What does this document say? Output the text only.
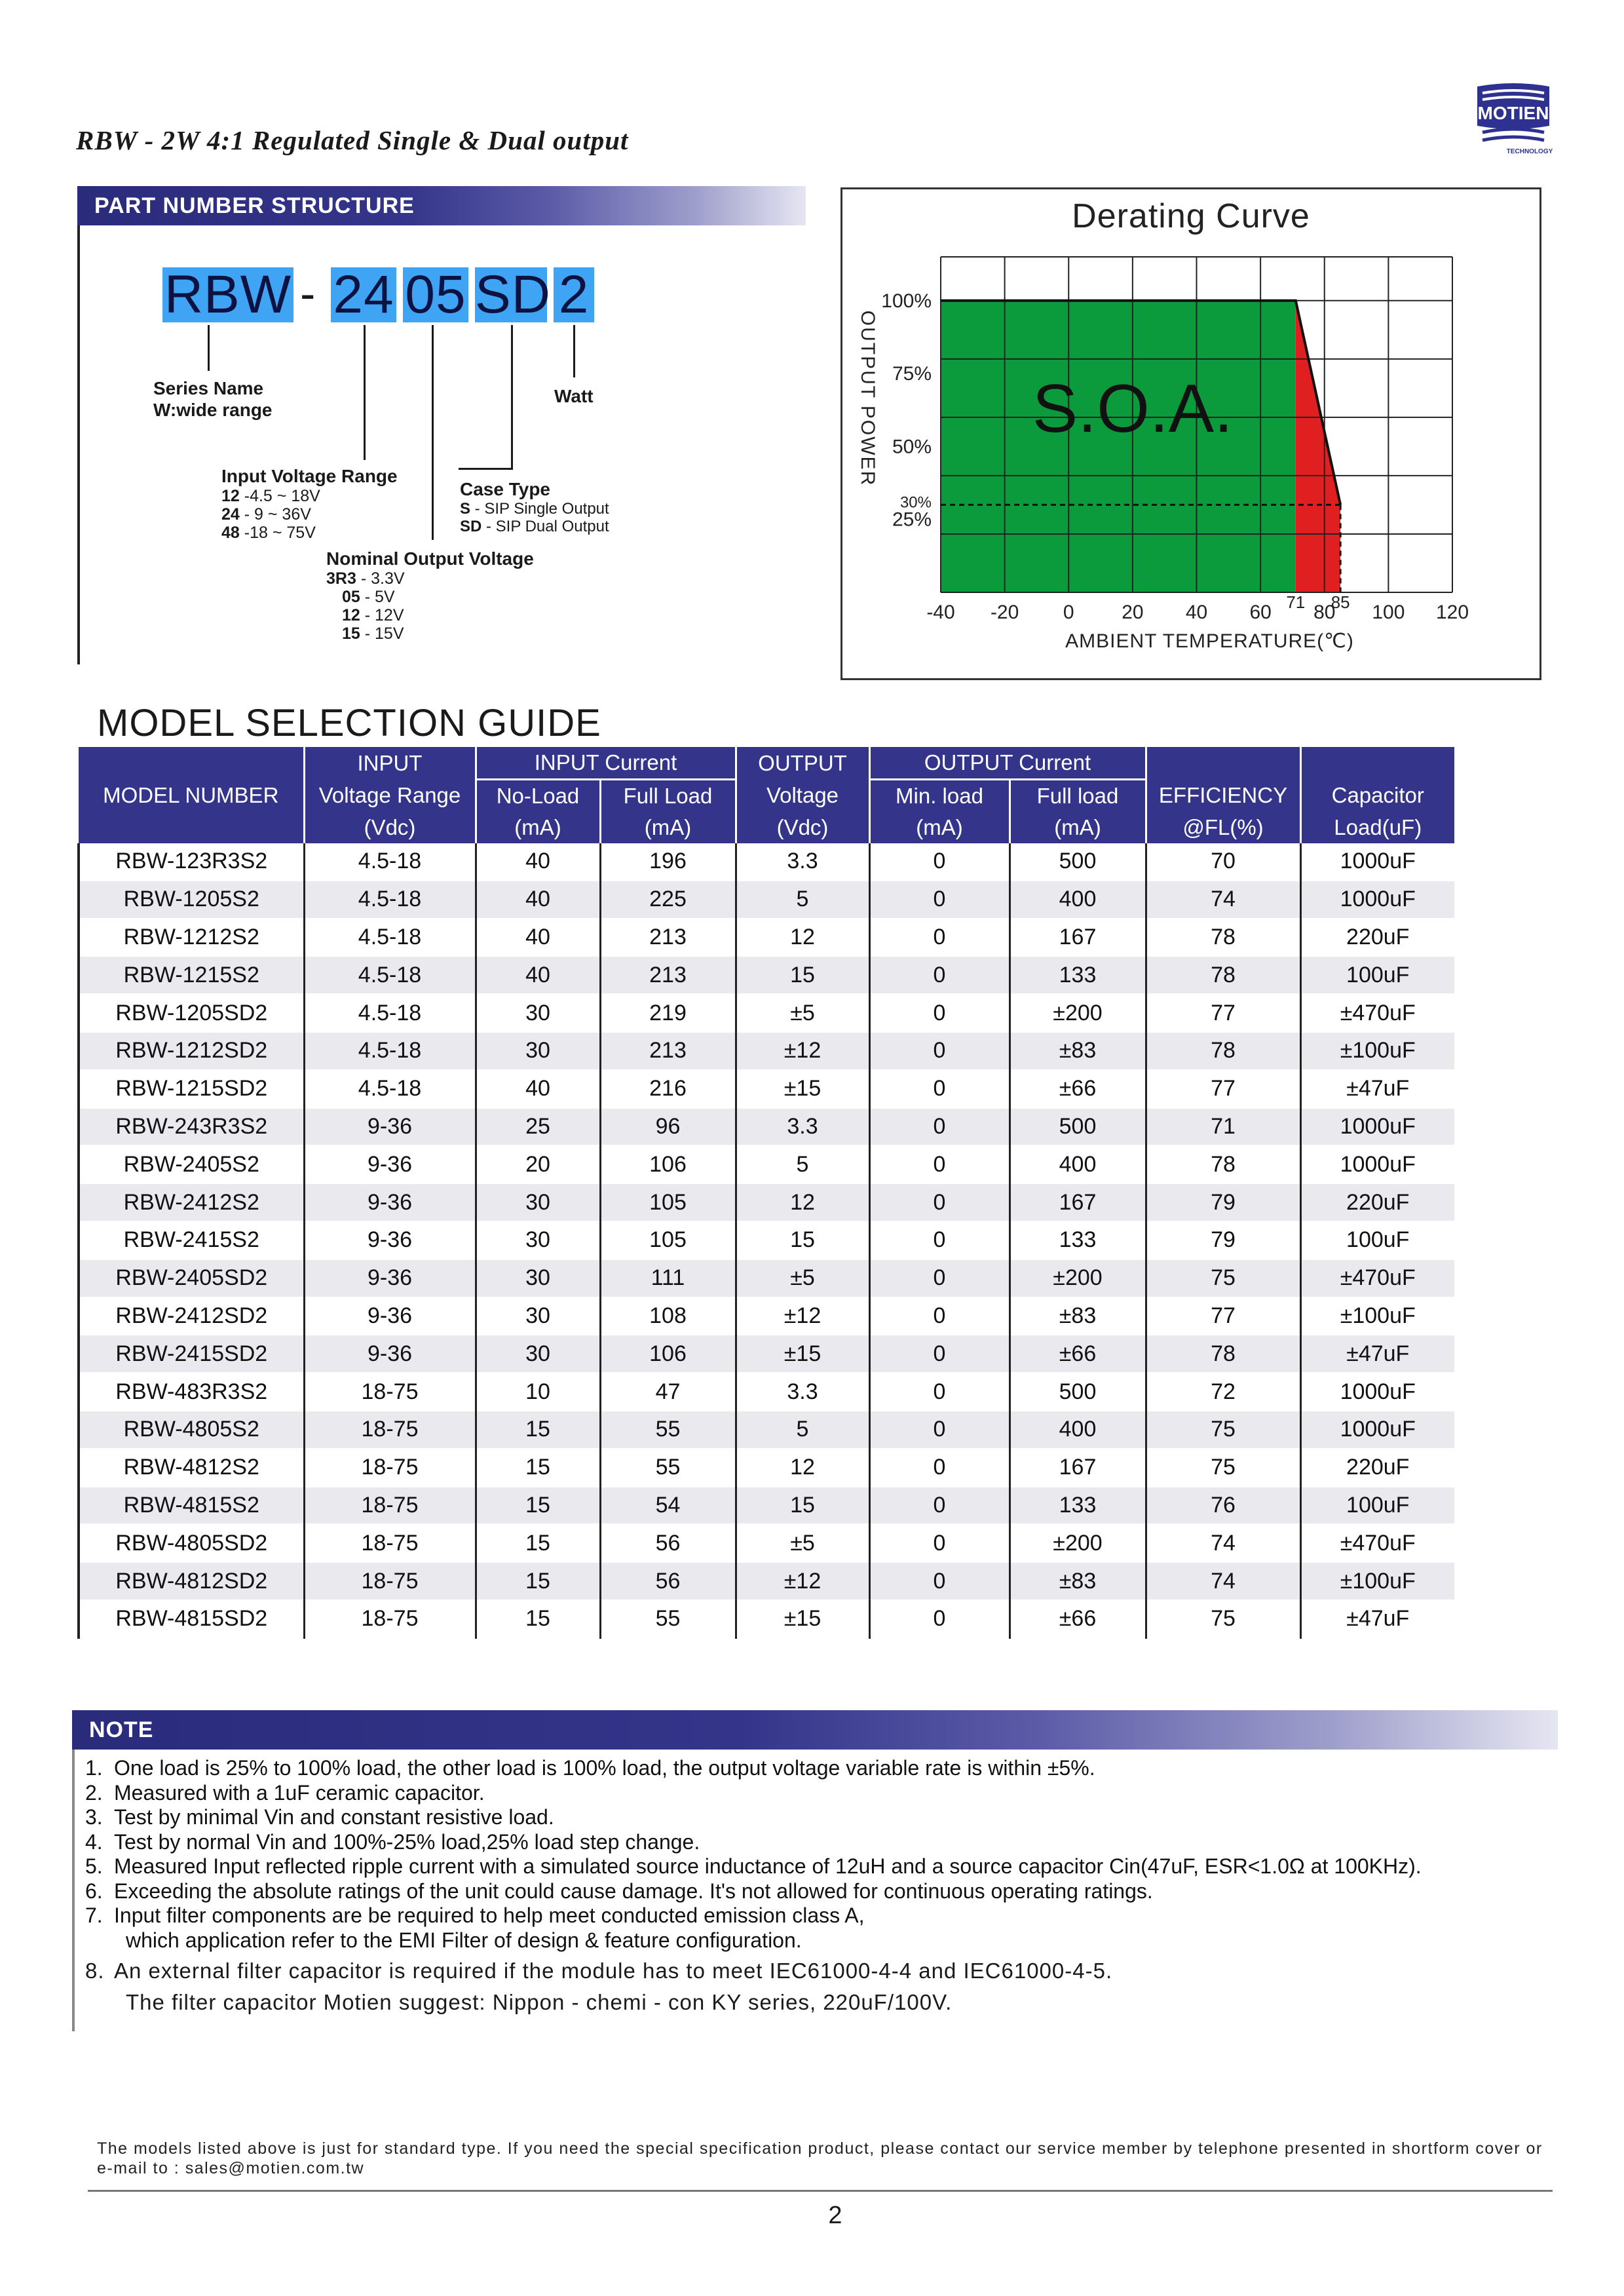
RBW - 2W 4:1 Regulated Single & Dual output
MOTIEN
TECHNOLOGY
PART NUMBER STRUCTURE
RBW - 24 05 SD 2
Series Name
W:wide range
Watt
Input Voltage Range
12 -4.5 ~ 18V
24 - 9 ~ 36V
48 -18 ~ 75V
Case Type
S - SIP Single Output
SD - SIP Dual Output
Nominal Output Voltage
3R3 - 3.3V
05 - 5V
12 - 12V
15 - 15V
Derating Curve
S.O.A.
-40 -20 0 20 40 60 80 100 120
71 85
100%
75%
50%
25%
30%
AMBIENT TEMPERATURE(℃)
OUTPUT POWER
MODEL SELECTION GUIDE
	INPUT	INPUT Current		OUTPUT	OUTPUT Current			
MODEL NUMBER	Voltage Range	No-Load	Full Load	Voltage	Min. load	Full load	EFFICIENCY	Capacitor
	(Vdc)	(mA)	(mA)	(Vdc)	(mA)	(mA)	@FL(%)	Load(uF)
RBW-123R3S2	4.5-18	40	196	3.3	0	500	70	1000uF
RBW-1205S2	4.5-18	40	225	5	0	400	74	1000uF
RBW-1212S2	4.5-18	40	213	12	0	167	78	220uF
RBW-1215S2	4.5-18	40	213	15	0	133	78	100uF
RBW-1205SD2	4.5-18	30	219	±5	0	±200	77	±470uF
RBW-1212SD2	4.5-18	30	213	±12	0	±83	78	±100uF
RBW-1215SD2	4.5-18	40	216	±15	0	±66	77	±47uF
RBW-243R3S2	9-36	25	96	3.3	0	500	71	1000uF
RBW-2405S2	9-36	20	106	5	0	400	78	1000uF
RBW-2412S2	9-36	30	105	12	0	167	79	220uF
RBW-2415S2	9-36	30	105	15	0	133	79	100uF
RBW-2405SD2	9-36	30	111	±5	0	±200	75	±470uF
RBW-2412SD2	9-36	30	108	±12	0	±83	77	±100uF
RBW-2415SD2	9-36	30	106	±15	0	±66	78	±47uF
RBW-483R3S2	18-75	10	47	3.3	0	500	72	1000uF
RBW-4805S2	18-75	15	55	5	0	400	75	1000uF
RBW-4812S2	18-75	15	55	12	0	167	75	220uF
RBW-4815S2	18-75	15	54	15	0	133	76	100uF
RBW-4805SD2	18-75	15	56	±5	0	±200	74	±470uF
RBW-4812SD2	18-75	15	56	±12	0	±83	74	±100uF
RBW-4815SD2	18-75	15	55	±15	0	±66	75	±47uF
NOTE
1. One load is 25% to 100% load, the other load is 100% load, the output voltage variable rate is within ±5%.
2. Measured with a 1uF ceramic capacitor.
3. Test by minimal Vin and constant resistive load.
4. Test by normal Vin and 100%-25% load,25% load step change.
5. Measured Input reflected ripple current with a simulated source inductance of 12uH and a source capacitor Cin(47uF, ESR<1.0Ω at 100KHz).
6. Exceeding the absolute ratings of the unit could cause damage. It's not allowed for continuous operating ratings.
7. Input filter components are be required to help meet conducted emission class A,
which application refer to the EMI Filter of design & feature configuration.
8. An external filter capacitor is required if the module has to meet IEC61000-4-4 and IEC61000-4-5.
The filter capacitor Motien suggest: Nippon - chemi - con KY series, 220uF/100V.
The models listed above is just for standard type. If you need the special specification product, please contact our service member by telephone presented in shortform cover or e-mail to : sales@motien.com.tw
2
